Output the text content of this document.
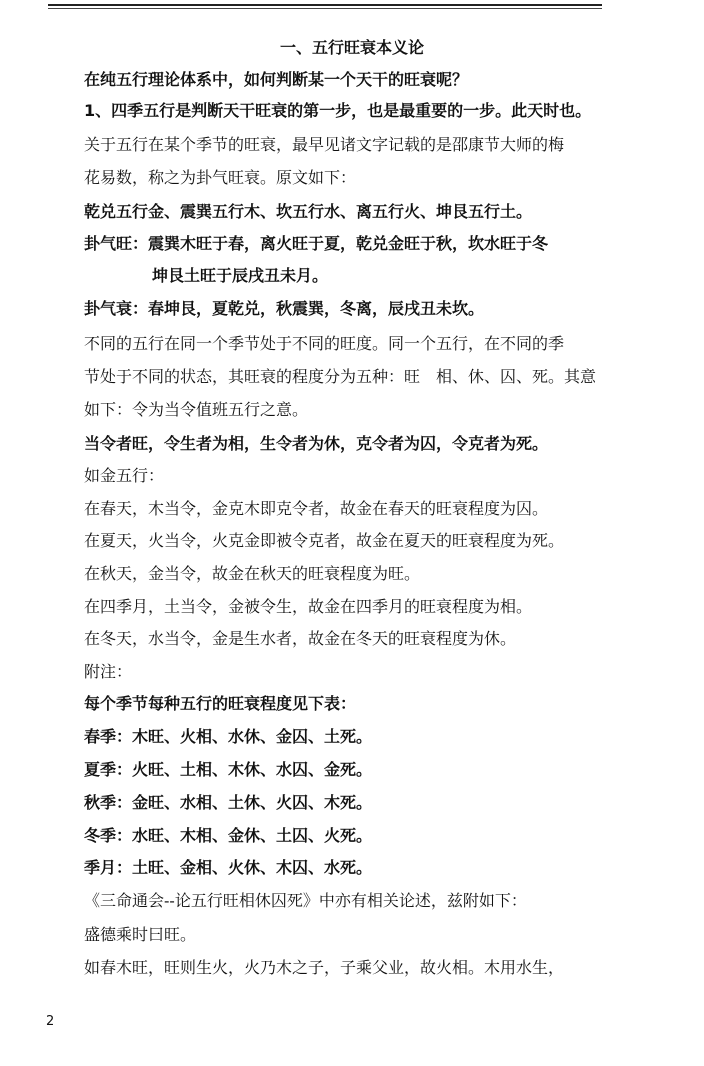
一、五行旺衰本义论
在纯五行理论体系中，如何判断某一个天干的旺衰呢？
1、四季五行是判断天干旺衰的第一步，也是最重要的一步。此天时也。
关于五行在某个季节的旺衰，最早见诸文字记载的是邵康节大师的梅
花易数，称之为卦气旺衰。原文如下：
乾兑五行金、震巽五行木、坎五行水、离五行火、坤艮五行土。
卦气旺：震巽木旺于春，离火旺于夏，乾兑金旺于秋，坎水旺于冬
坤艮土旺于辰戌丑未月。
卦气衰：春坤艮，夏乾兑，秋震巽，冬离，辰戌丑未坎。
不同的五行在同一个季节处于不同的旺度。同一个五行，在不同的季
节处于不同的状态，其旺衰的程度分为五种：旺　相、休、囚、死。其意
如下：令为当令值班五行之意。
当令者旺，令生者为相，生令者为休，克令者为囚，令克者为死。
如金五行：
在春天，木当令，金克木即克令者，故金在春天的旺衰程度为囚。
在夏天，火当令，火克金即被令克者，故金在夏天的旺衰程度为死。
在秋天，金当令，故金在秋天的旺衰程度为旺。
在四季月，土当令，金被令生，故金在四季月的旺衰程度为相。
在冬天，水当令，金是生水者，故金在冬天的旺衰程度为休。
附注：
每个季节每种五行的旺衰程度见下表：
春季：木旺、火相、水休、金囚、土死。
夏季：火旺、土相、木休、水囚、金死。
秋季：金旺、水相、土休、火囚、木死。
冬季：水旺、木相、金休、土囚、火死。
季月：土旺、金相、火休、木囚、水死。
《三命通会--论五行旺相休囚死》中亦有相关论述，兹附如下：
盛德乘时曰旺。
如春木旺，旺则生火，火乃木之子，子乘父业，故火相。木用水生，
2
